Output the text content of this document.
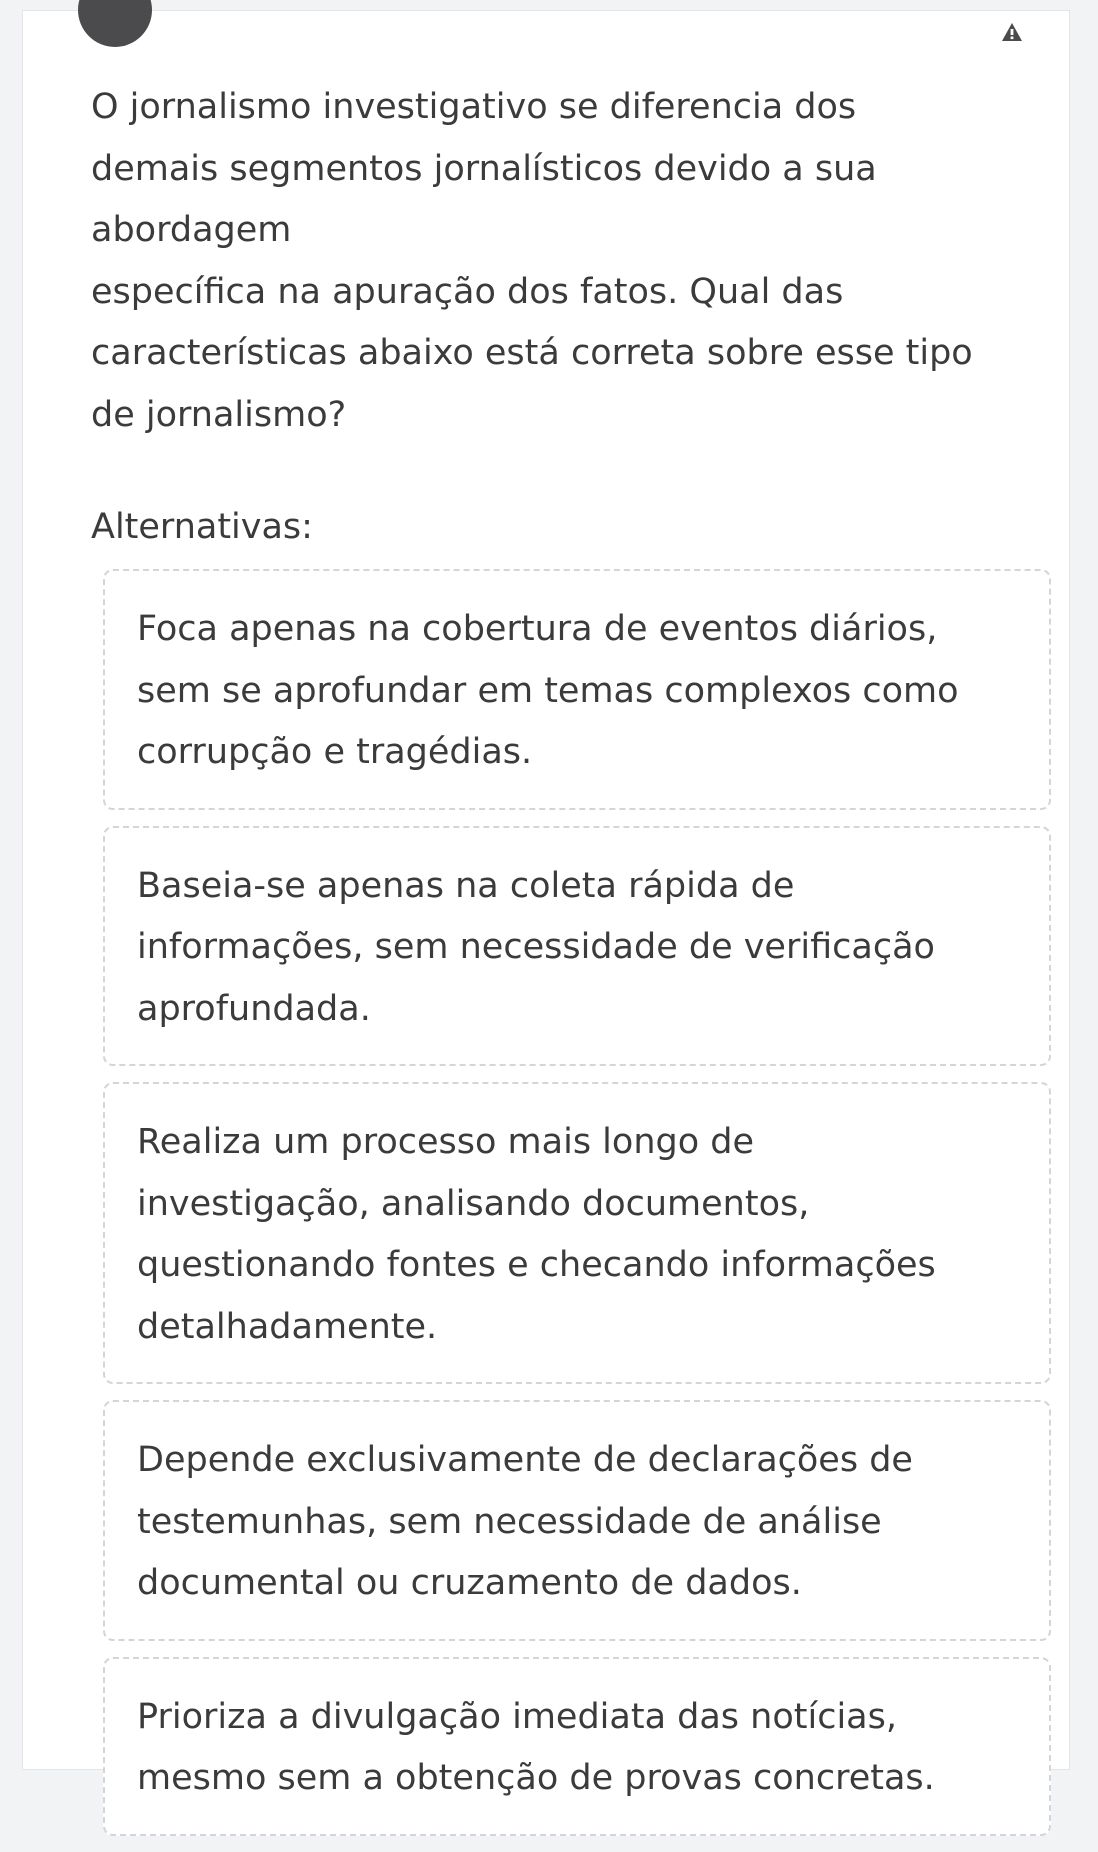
O jornalismo investigativo se diferencia dos
demais segmentos jornalísticos devido a sua
abordagem
específica na apuração dos fatos. Qual das
características abaixo está correta sobre esse tipo
de jornalismo?

Alternativas:
Foca apenas na cobertura de eventos diários,
sem se aprofundar em temas complexos como
corrupção e tragédias.
Baseia-se apenas na coleta rápida de
informações, sem necessidade de verificação
aprofundada.
Realiza um processo mais longo de
investigação, analisando documentos,
questionando fontes e checando informações
detalhadamente.
Depende exclusivamente de declarações de
testemunhas, sem necessidade de análise
documental ou cruzamento de dados.
Prioriza a divulgação imediata das notícias,
mesmo sem a obtenção de provas concretas.
